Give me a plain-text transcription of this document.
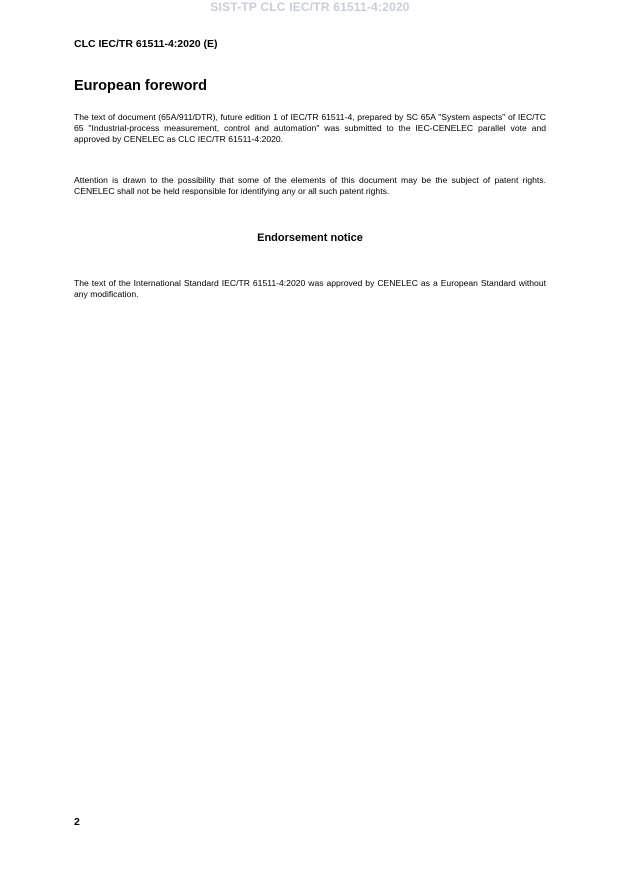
SIST-TP CLC IEC/TR 61511-4:2020
CLC IEC/TR 61511-4:2020 (E)
European foreword

The text of document (65A/911/DTR), future edition 1 of IEC/TR 61511-4, prepared by SC 65A "System aspects" of IEC/TC 65 "Industrial-process measurement, control and automation" was submitted to the IEC-CENELEC parallel vote and approved by CENELEC as CLC IEC/TR 61511-4:2020.

Attention is drawn to the possibility that some of the elements of this document may be the subject of patent rights. CENELEC shall not be held responsible for identifying any or all such patent rights.

Endorsement notice

The text of the International Standard IEC/TR 61511-4:2020 was approved by CENELEC as a European Standard without any modification.

2
